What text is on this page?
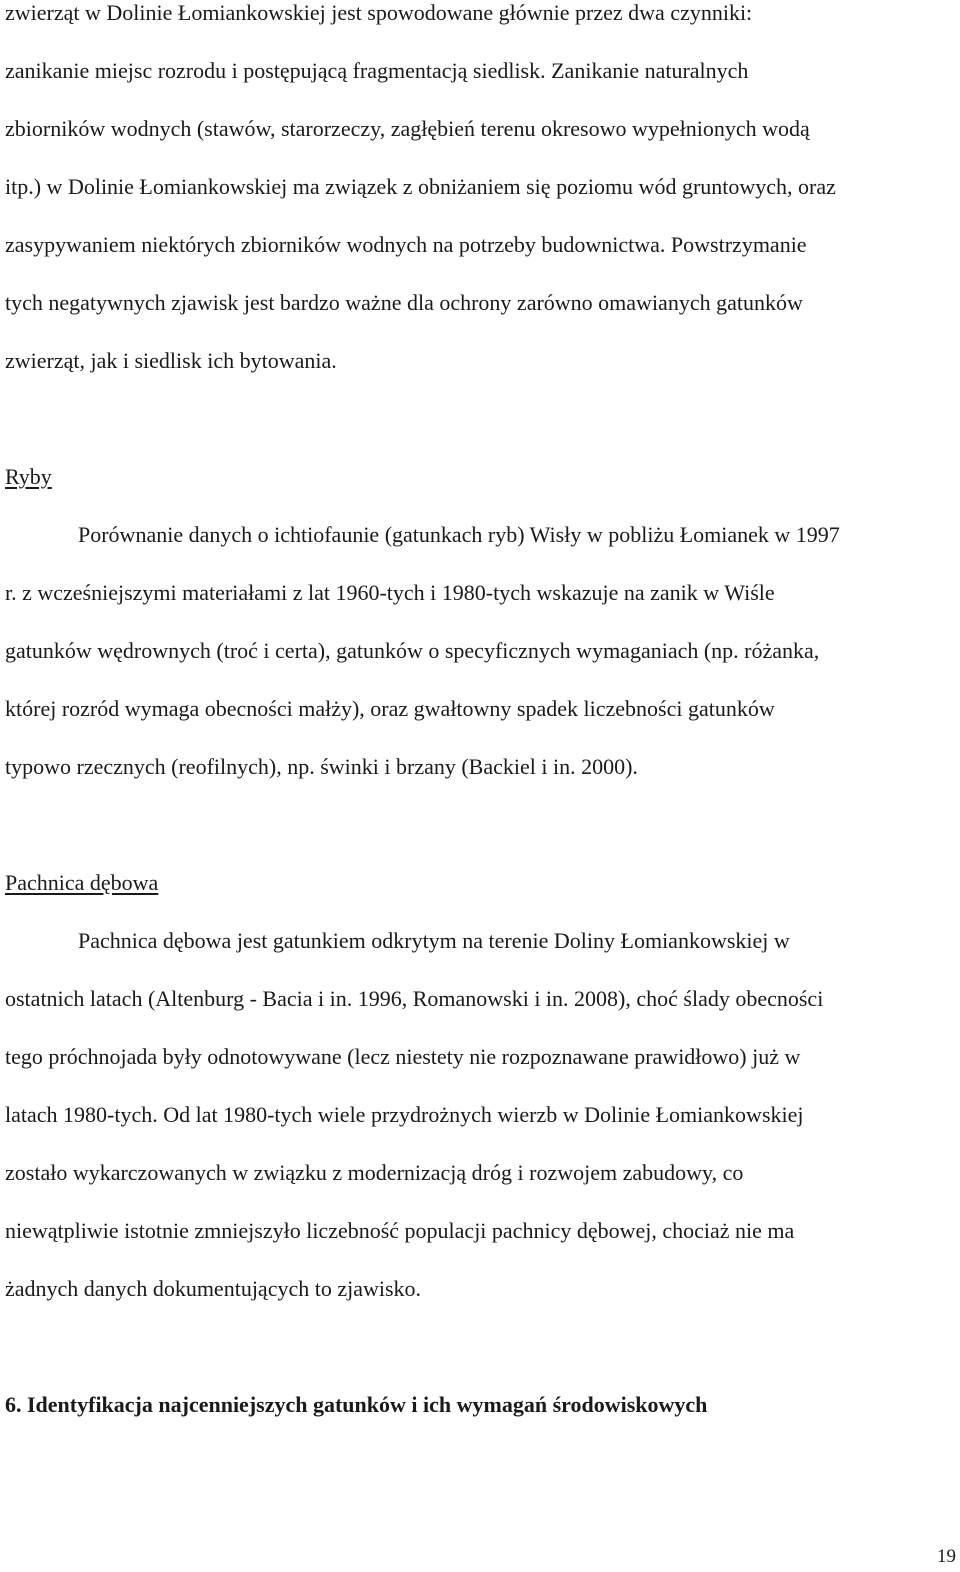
zwierząt w Dolinie Łomiankowskiej jest spowodowane głównie przez dwa czynniki:

zanikanie miejsc rozrodu i postępującą fragmentacją siedlisk. Zanikanie naturalnych

zbiorników wodnych (stawów, starorzeczy, zagłębień terenu okresowo wypełnionych wodą

itp.) w Dolinie Łomiankowskiej ma związek z obniżaniem się poziomu wód gruntowych, oraz

zasypywaniem niektórych zbiorników wodnych na potrzeby budownictwa. Powstrzymanie

tych negatywnych zjawisk jest bardzo ważne dla ochrony zarówno omawianych gatunków

zwierząt, jak i siedlisk ich bytowania.

Ryby

Porównanie danych o ichtiofaunie (gatunkach ryb) Wisły w pobliżu Łomianek w 1997

r. z wcześniejszymi materiałami z lat 1960-tych i 1980-tych wskazuje na zanik w Wiśle

gatunków wędrownych (troć i certa), gatunków o specyficznych wymaganiach (np. różanka,

której rozród wymaga obecności małży), oraz gwałtowny spadek liczebności gatunków

typowo rzecznych (reofilnych), np. świnki i brzany (Backiel i in. 2000).

Pachnica dębowa

Pachnica dębowa jest gatunkiem odkrytym na terenie Doliny Łomiankowskiej w

ostatnich latach (Altenburg - Bacia i in. 1996, Romanowski i in. 2008), choć ślady obecności

tego próchnojada były odnotowywane (lecz niestety nie rozpoznawane prawidłowo) już w

latach 1980-tych. Od lat 1980-tych wiele przydrożnych wierzb w Dolinie Łomiankowskiej

zostało wykarczowanych w związku z modernizacją dróg i rozwojem zabudowy, co

niewątpliwie istotnie zmniejszyło liczebność populacji pachnicy dębowej, chociaż nie ma

żadnych danych dokumentujących to zjawisko.

6. Identyfikacja najcenniejszych gatunków i ich wymagań środowiskowych

19
